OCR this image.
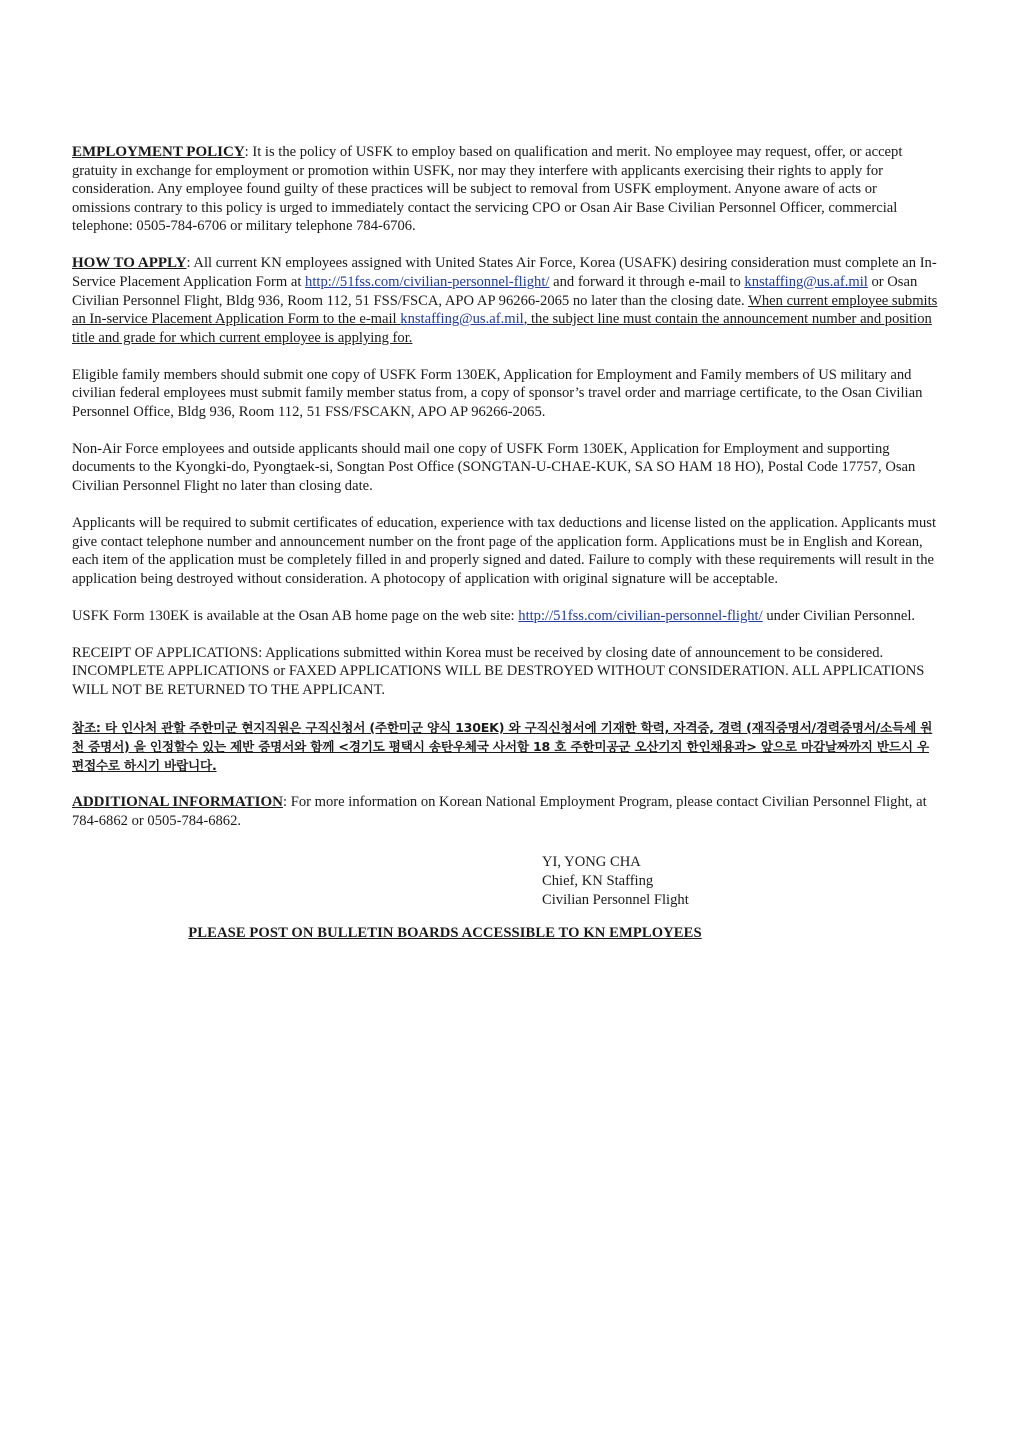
EMPLOYMENT POLICY: It is the policy of USFK to employ based on qualification and merit. No employee may request, offer, or accept gratuity in exchange for employment or promotion within USFK, nor may they interfere with applicants exercising their rights to apply for consideration. Any employee found guilty of these practices will be subject to removal from USFK employment. Anyone aware of acts or omissions contrary to this policy is urged to immediately contact the servicing CPO or Osan Air Base Civilian Personnel Officer, commercial telephone: 0505-784-6706 or military telephone 784-6706.

HOW TO APPLY: All current KN employees assigned with United States Air Force, Korea (USAFK) desiring consideration must complete an In-Service Placement Application Form at http://51fss.com/civilian-personnel-flight/ and forward it through e-mail to knstaffing@us.af.mil or Osan Civilian Personnel Flight, Bldg 936, Room 112, 51 FSS/FSCA, APO AP 96266-2065 no later than the closing date. When current employee submits an In-service Placement Application Form to the e-mail knstaffing@us.af.mil, the subject line must contain the announcement number and position title and grade for which current employee is applying for.

Eligible family members should submit one copy of USFK Form 130EK, Application for Employment and Family members of US military and civilian federal employees must submit family member status from, a copy of sponsor’s travel order and marriage certificate, to the Osan Civilian Personnel Office, Bldg 936, Room 112, 51 FSS/FSCAKN, APO AP 96266-2065.

Non-Air Force employees and outside applicants should mail one copy of USFK Form 130EK, Application for Employment and supporting documents to the Kyongki-do, Pyongtaek-si, Songtan Post Office (SONGTAN-U-CHAE-KUK, SA SO HAM 18 HO), Postal Code 17757, Osan Civilian Personnel Flight no later than closing date.

Applicants will be required to submit certificates of education, experience with tax deductions and license listed on the application. Applicants must give contact telephone number and announcement number on the front page of the application form. Applications must be in English and Korean, each item of the application must be completely filled in and properly signed and dated. Failure to comply with these requirements will result in the application being destroyed without consideration. A photocopy of application with original signature will be acceptable.

USFK Form 130EK is available at the Osan AB home page on the web site: http://51fss.com/civilian-personnel-flight/ under Civilian Personnel.

RECEIPT OF APPLICATIONS: Applications submitted within Korea must be received by closing date of announcement to be considered. INCOMPLETE APPLICATIONS or FAXED APPLICATIONS WILL BE DESTROYED WITHOUT CONSIDERATION. ALL APPLICATIONS WILL NOT BE RETURNED TO THE APPLICANT.

참조: 타 인사처 관할 주한미군 현지직원은 구직신청서 (주한미군 양식 130EK) 와 구직신청서에 기재한 학력, 자격증, 경력 (재직증명서/경력증명서/소득세 원천 증명서) 을 인정할수 있는 제반 증명서와 함께 <경기도 평택시 송탄우체국 사서함 18 호 주한미공군 오산기지 한인채용과> 앞으로 마감날짜까지 반드시 우편접수로 하시기 바랍니다.

ADDITIONAL INFORMATION: For more information on Korean National Employment Program, please contact Civilian Personnel Flight, at 784-6862 or 0505-784-6862.

YI, YONG CHA
Chief, KN Staffing
Civilian Personnel Flight
PLEASE POST ON BULLETIN BOARDS ACCESSIBLE TO KN EMPLOYEES
